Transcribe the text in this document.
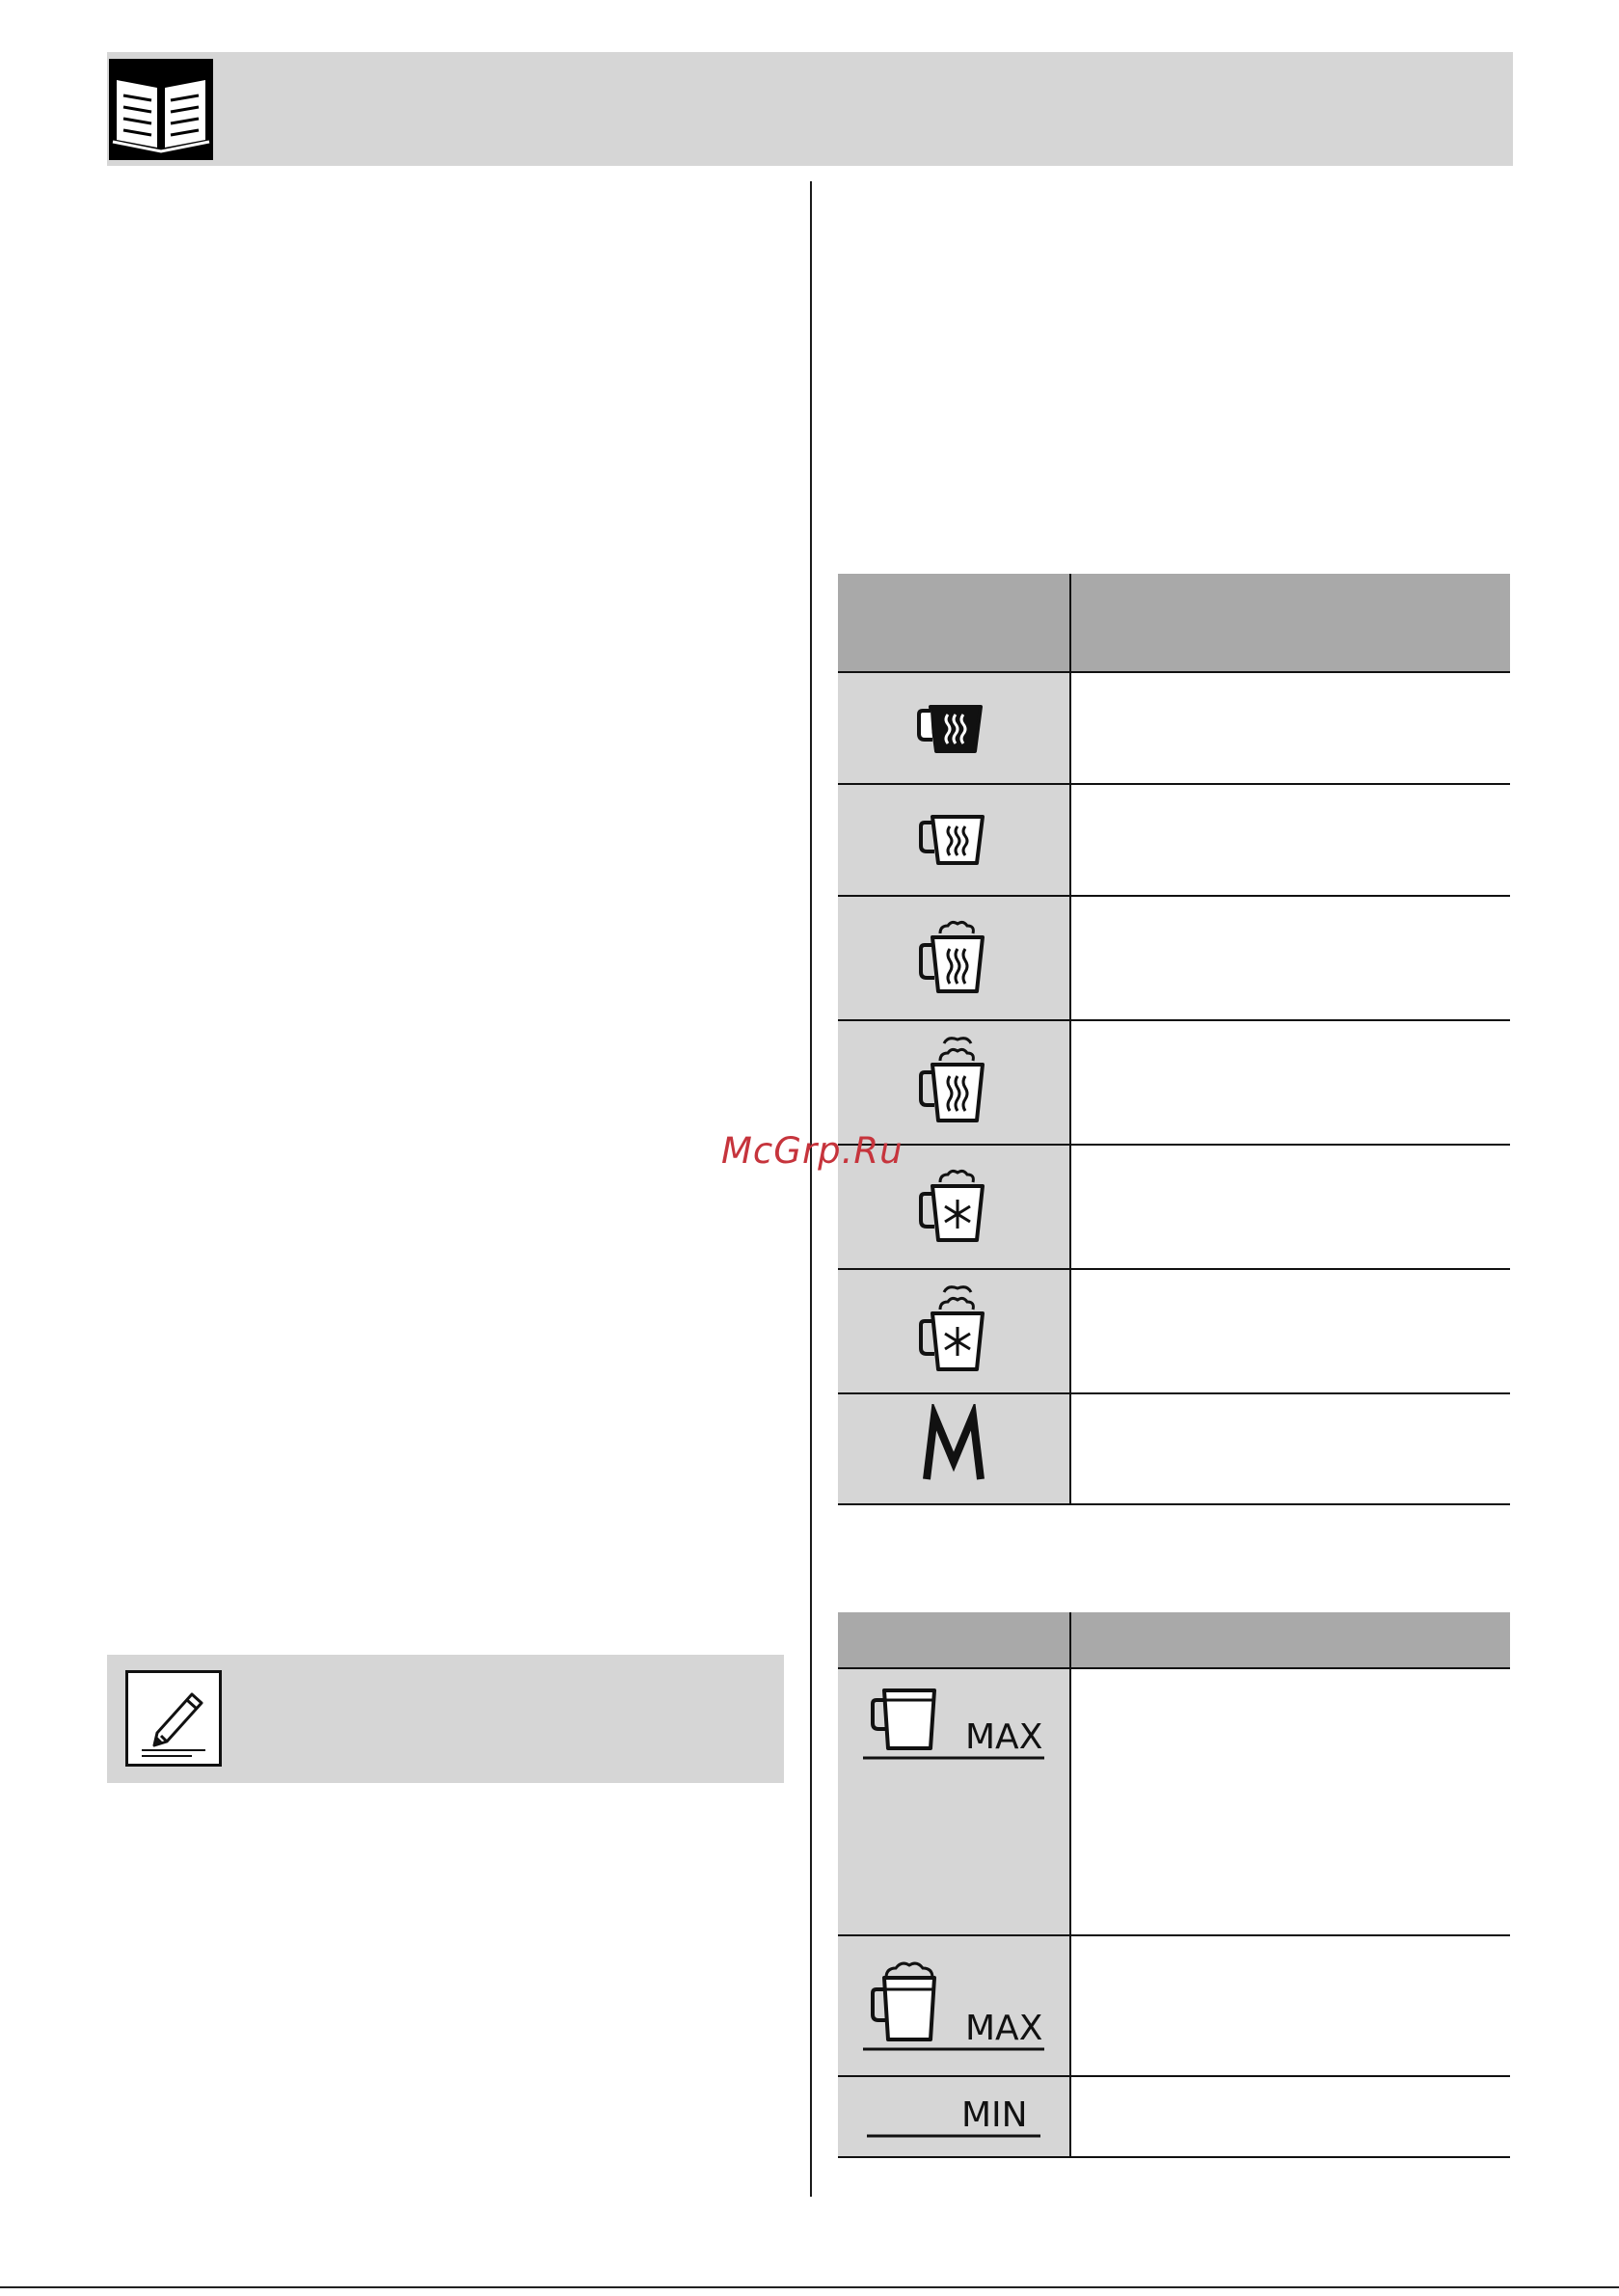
MAX	

MAX	

MIN	

McGrp.Ru
